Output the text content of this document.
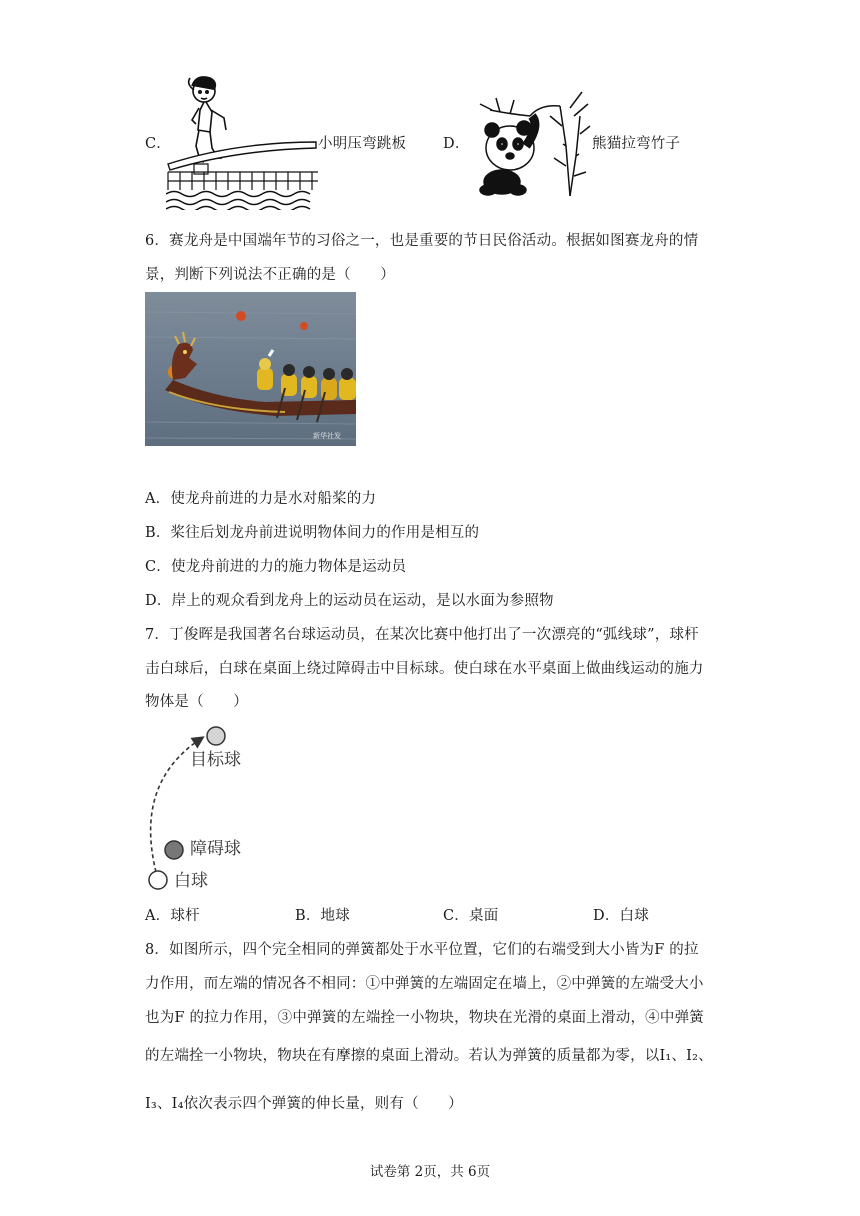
C．	小明压弯跳板	D．	熊猫拉弯竹子
6．赛龙舟是中国端年节的习俗之一，也是重要的节日民俗活动。根据如图赛龙舟的情
景，判断下列说法不正确的是（　　）
新华社发
A．使龙舟前进的力是水对船桨的力
B．桨往后划龙舟前进说明物体间力的作用是相互的
C．使龙舟前进的力的施力物体是运动员
D．岸上的观众看到龙舟上的运动员在运动，是以水面为参照物
7．丁俊晖是我国著名台球运动员，在某次比赛中他打出了一次漂亮的“弧线球”，球杆
击白球后，白球在桌面上绕过障碍击中目标球。使白球在水平桌面上做曲线运动的施力
物体是（　　）
目标球
障碍球
白球
A．球杆	B．地球	C．桌面	D．白球
8．如图所示，四个完全相同的弹簧都处于水平位置，它们的右端受到大小皆为F 的拉
力作用，而左端的情况各不相同：①中弹簧的左端固定在墙上，②中弹簧的左端受大小
也为F 的拉力作用，③中弹簧的左端拴一小物块，物块在光滑的桌面上滑动，④中弹簧
的左端拴一小物块，物块在有摩擦的桌面上滑动。若认为弹簧的质量都为零，以I₁、I₂、
I₃、I₄依次表示四个弹簧的伸长量，则有（　　）
试卷第 2页，共 6页
